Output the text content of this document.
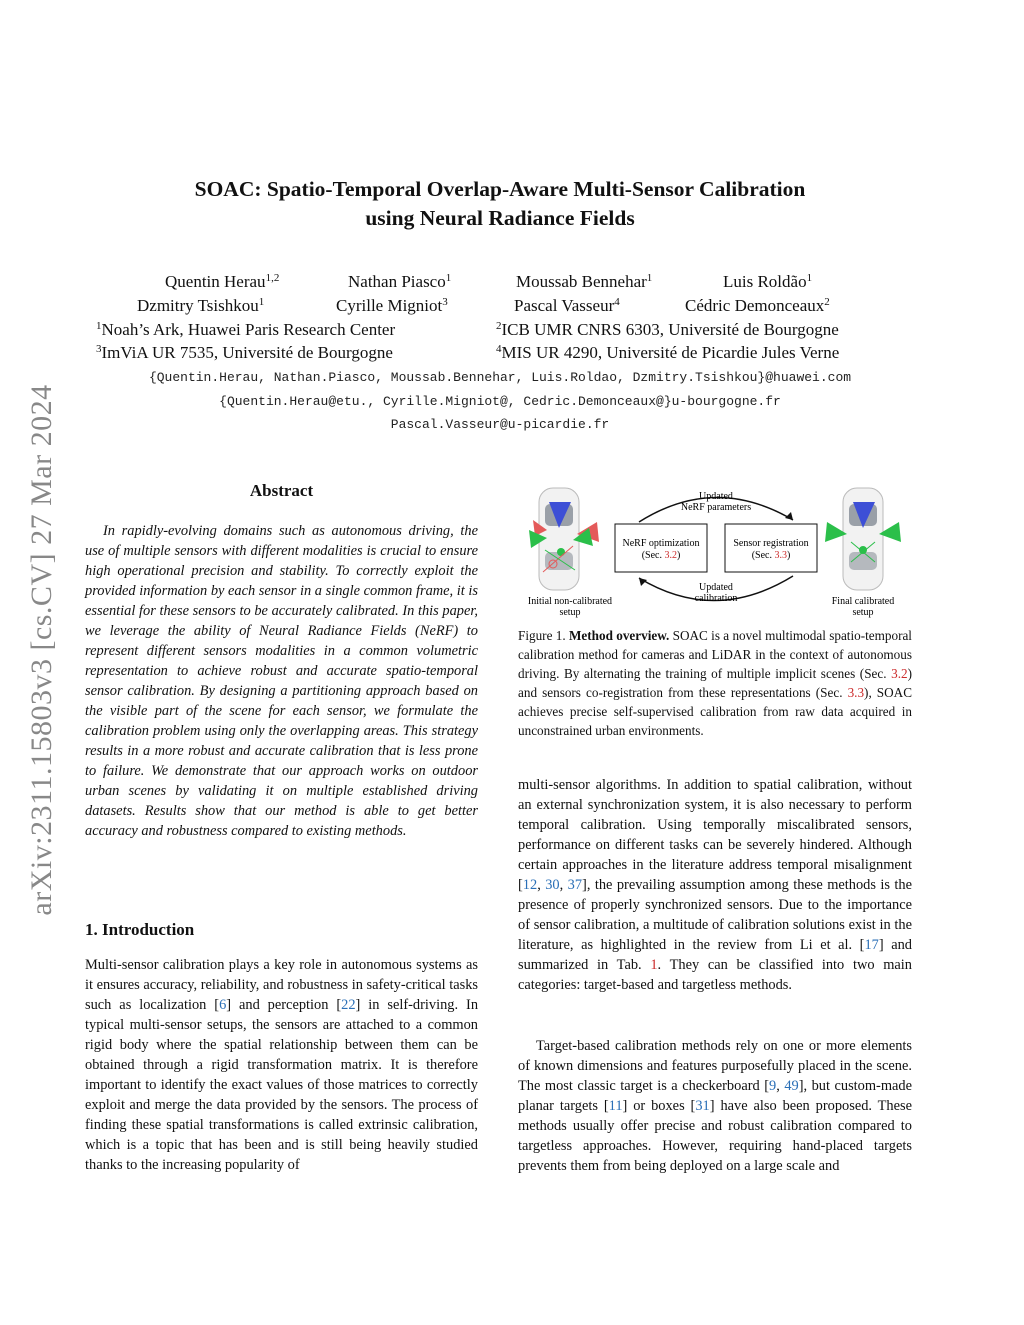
arXiv:2311.15803v3 [cs.CV] 27 Mar 2024
SOAC: Spatio-Temporal Overlap-Aware Multi-Sensor Calibration
using Neural Radiance Fields
Quentin Herau$^{1,2}$	Nathan Piasco$^1$	Moussab Bennehar$^1$	Luis Roldão$^1$
Dzmitry Tsishkou$^1$	Cyrille Migniot$^3$	Pascal Vasseur$^4$	Cédric Demonceaux$^2$
$^1$Noah’s Ark, Huawei Paris Research Center	$^2$ICB UMR CNRS 6303, Université de Bourgogne
$^3$ImViA UR 7535, Université de Bourgogne	$^4$MIS UR 4290, Université de Picardie Jules Verne
{Quentin.Herau, Nathan.Piasco, Moussab.Bennehar, Luis.Roldao, Dzmitry.Tsishkou}@huawei.com
{Quentin.Herau@etu., Cyrille.Migniot@, Cedric.Demonceaux@}u-bourgogne.fr
Pascal.Vasseur@u-picardie.fr
Abstract
In rapidly-evolving domains such as autonomous driving, the use of multiple sensors with different modalities is crucial to ensure high operational precision and stability. To correctly exploit the provided information by each sensor in a single common frame, it is essential for these sensors to be accurately calibrated. In this paper, we leverage the ability of Neural Radiance Fields (NeRF) to represent different sensors modalities in a common volumetric representation to achieve robust and accurate spatio-temporal sensor calibration. By designing a partitioning approach based on the visible part of the scene for each sensor, we formulate the calibration problem using only the overlapping areas. This strategy results in a more robust and accurate calibration that is less prone to failure. We demonstrate that our approach works on outdoor urban scenes by validating it on multiple established driving datasets. Results show that our method is able to get better accuracy and robustness compared to existing methods.
1. Introduction
Multi-sensor calibration plays a key role in autonomous systems as it ensures accuracy, reliability, and robustness in safety-critical tasks such as localization [6] and perception [22] in self-driving. In typical multi-sensor setups, the sensors are attached to a common rigid body where the spatial relationship between them can be obtained through a rigid transformation matrix. It is therefore important to identify the exact values of those matrices to correctly exploit and merge the data provided by the sensors. The process of finding these spatial transformations is called extrinsic calibration, which is a topic that has been and is still being heavily studied thanks to the increasing popularity of
Initial non-calibrated
setup
NeRF optimization
(Sec. 3.2)
Sensor registration
(Sec. 3.3)
Updated
NeRF parameters
Updated
calibration	Final calibrated
setup
Figure 1. Method overview. SOAC is a novel multimodal spatio-temporal calibration method for cameras and LiDAR in the context of autonomous driving. By alternating the training of multiple implicit scenes (Sec. 3.2) and sensors co-registration from these representations (Sec. 3.3), SOAC achieves precise self-supervised calibration from raw data acquired in unconstrained urban environments.
multi-sensor algorithms. In addition to spatial calibration, without an external synchronization system, it is also necessary to perform temporal calibration. Using temporally miscalibrated sensors, performance on different tasks can be severely hindered. Although certain approaches in the literature address temporal misalignment [12, 30, 37], the prevailing assumption among these methods is the presence of properly synchronized sensors. Due to the importance of sensor calibration, a multitude of calibration solutions exist in the literature, as highlighted in the review from Li et al. [17] and summarized in Tab. 1. They can be classified into two main categories: target-based and targetless methods.
Target-based calibration methods rely on one or more elements of known dimensions and features purposefully placed in the scene. The most classic target is a checkerboard [9, 49], but custom-made planar targets [11] or boxes [31] have also been proposed. These methods usually offer precise and robust calibration compared to targetless approaches. However, requiring hand-placed targets prevents them from being deployed on a large scale and
